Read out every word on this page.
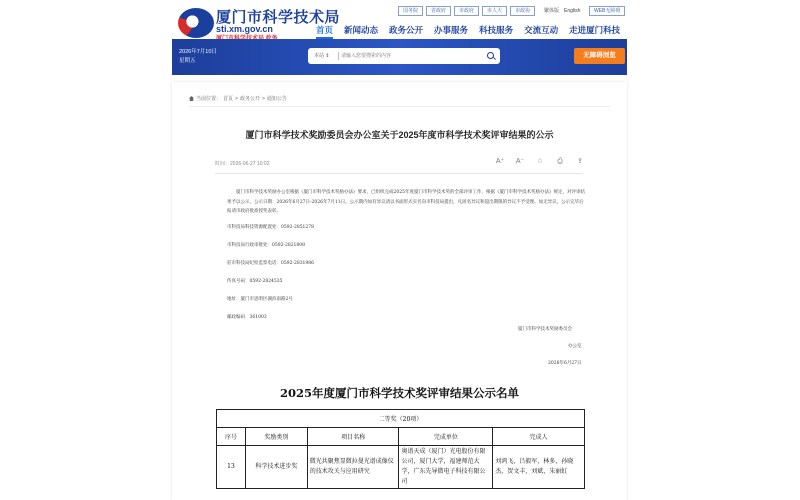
厦门市科学技术局
sti.xm.gov.cn
国务院	省政府	市政府	市人大	市政协	繁体版 English	WEB无障碍
首页 新闻动态 政务公开 办事服务 科技服务 交流互动 走进厦门科技
2026年7月10日
星期五
本站 ⇕
请输入您要搜索的内容	无障碍浏览
当前位置： 首页 > 政务公开 > 通知公告
厦门市科学技术奖励委员会办公室关于2025年度市科学技术奖评审结果的公示
时间：2026-06-27 10:02	A⁺ A⁻ ☆	⎙	⇪

厦门市科学技术奖励办公室根据《厦门市科学技术奖励办法》要求，已组织完成2025年度厦门市科学技术奖的全部评审工作，根据《厦门市科学技术奖励办法》规定，对评审结果予以公示，公示日期：2026年6月27日-2026年7月11日。公示期内如有异议请以书面形式实名向市科技局提出，凡匿名异议和超出期限的异议不予受理。如无异议，公示完毕后报请市政府批准授奖表彰。

市科技局科技资源配置处：0592-2851278

市科技局行政审批处：0592-2821808

驻市科技局纪检监察电话：0592-2831986

传真号码：0592-2824535

地址：厦门市思明区湖滨南路2号

邮政编码：361003

厦门市科学技术奖励委员会
办公室
2026年6月27日
2025年度厦门市科学技术奖评审结果公示名单
二等奖（20项）				
序号	奖励类别	项目名称	完成单位	完成人
13	科学技术进步奖	微光共聚焦显微拉曼光谱成像仪的技术攻关与应用研究	奥谱天成（厦门）光电股份有限公司，厦门大学，福建师范大学，广东先导微电子科技有限公司	刘鸿飞，吕毅军，林多，孙晓杰，贺文丰，刘斌，朱丽虹
